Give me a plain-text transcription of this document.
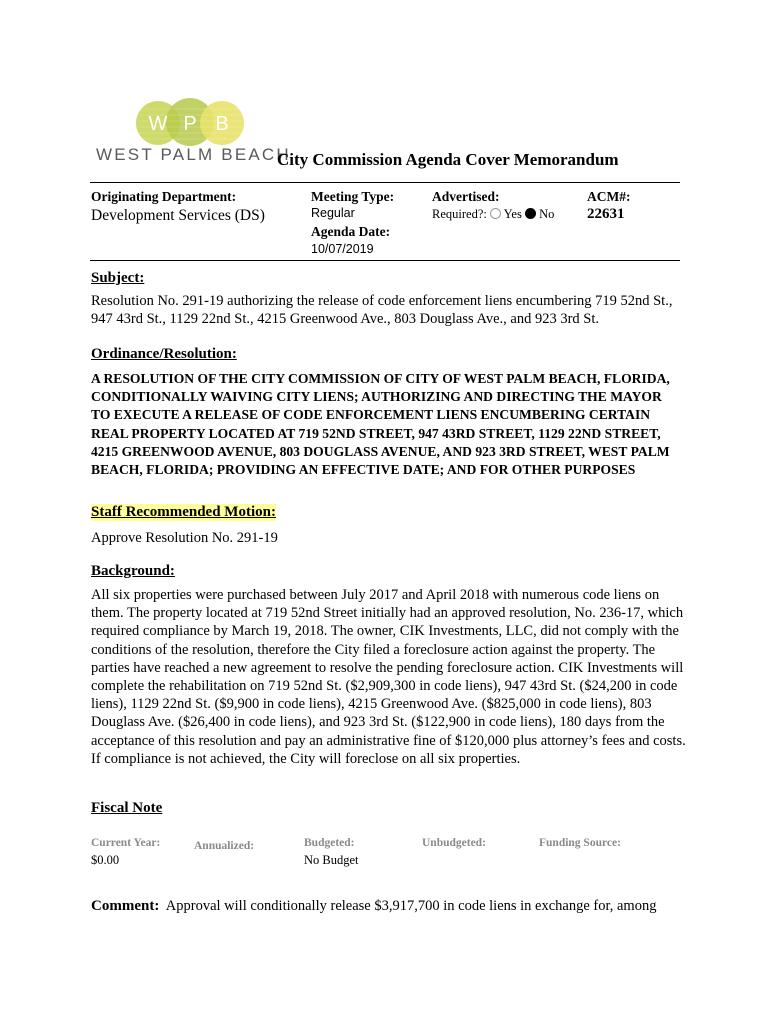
W P B
WEST PALM BEACH
City Commission Agenda Cover Memorandum
Originating Department:
Development Services (DS)
Meeting Type:
Regular
Agenda Date:
10/07/2019
Advertised:
Required?: Yes No
ACM#:
22631
Subject:
Resolution No. 291-19 authorizing the release of code enforcement liens encumbering 719 52nd St., 947 43rd St., 1129 22nd St., 4215 Greenwood Ave., 803 Douglass Ave., and 923 3rd St.
Ordinance/Resolution:
A RESOLUTION OF THE CITY COMMISSION OF CITY OF WEST PALM BEACH, FLORIDA, CONDITIONALLY WAIVING CITY LIENS; AUTHORIZING AND DIRECTING THE MAYOR TO EXECUTE A RELEASE OF CODE ENFORCEMENT LIENS ENCUMBERING CERTAIN REAL PROPERTY LOCATED AT 719 52ND STREET, 947 43RD STREET, 1129 22ND STREET, 4215 GREENWOOD AVENUE, 803 DOUGLASS AVENUE, AND 923 3RD STREET, WEST PALM BEACH, FLORIDA; PROVIDING AN EFFECTIVE DATE; AND FOR OTHER PURPOSES
Staff Recommended Motion:
Approve Resolution No. 291-19
Background:
All six properties were purchased between July 2017 and April 2018 with numerous code liens on them. The property located at 719 52nd Street initially had an approved resolution, No. 236-17, which required compliance by March 19, 2018. The owner, CIK Investments, LLC, did not comply with the conditions of the resolution, therefore the City filed a foreclosure action against the property. The parties have reached a new agreement to resolve the pending foreclosure action. CIK Investments will complete the rehabilitation on 719 52nd St. ($2,909,300 in code liens), 947 43rd St. ($24,200 in code liens), 1129 22nd St. ($9,900 in code liens), 4215 Greenwood Ave. ($825,000 in code liens), 803 Douglass Ave. ($26,400 in code liens), and 923 3rd St. ($122,900 in code liens), 180 days from the acceptance of this resolution and pay an administrative fine of $120,000 plus attorney’s fees and costs. If compliance is not achieved, the City will foreclose on all six properties.
Fiscal Note
Current Year:
$0.00
Annualized:	Budgeted:
No Budget
Unbudgeted:	Funding Source:
Comment: Approval will conditionally release $3,917,700 in code liens in exchange for, among
